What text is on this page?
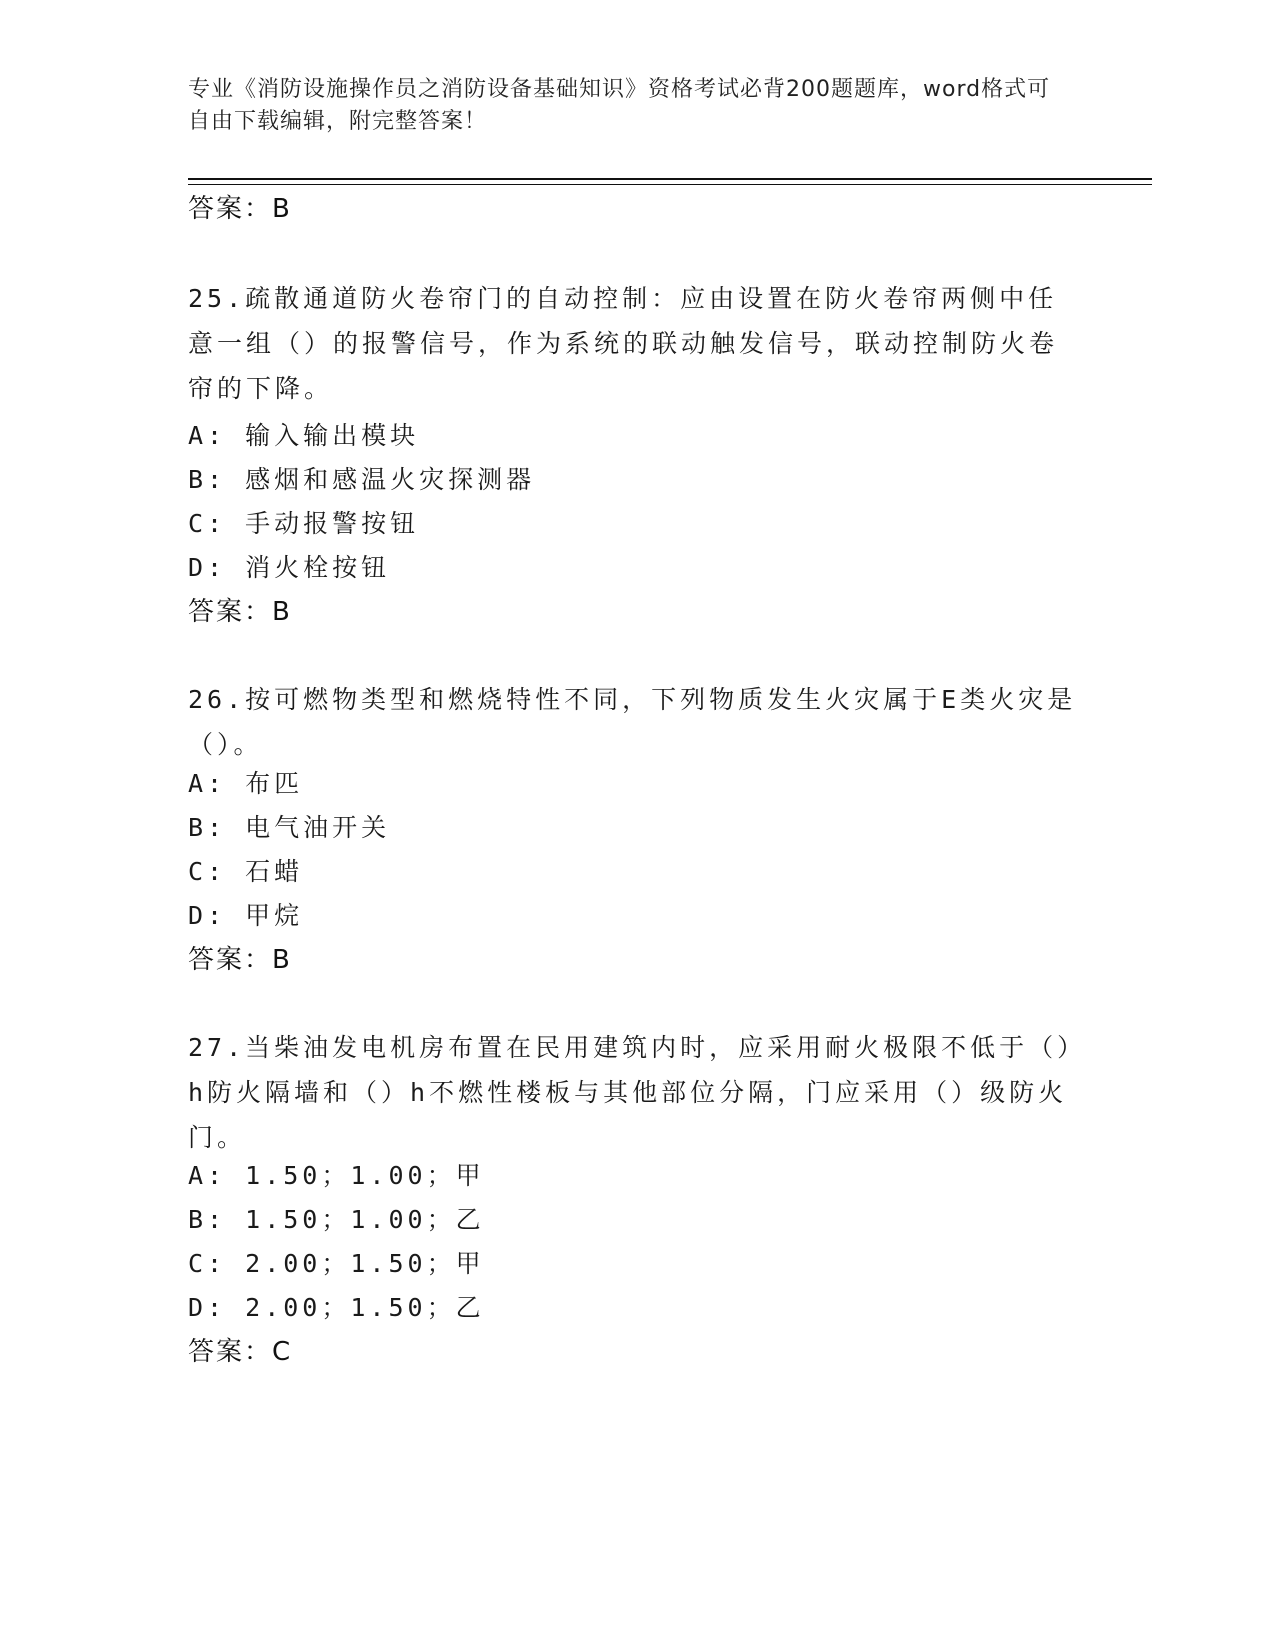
专业《消防设施操作员之消防设备基础知识》资格考试必背200题题库，word格式可自由下载编辑，附完整答案！
答案：B
25.疏散通道防火卷帘门的自动控制：应由设置在防火卷帘两侧中任意一组（）的报警信号，作为系统的联动触发信号，联动控制防火卷帘的下降。
A: 输入输出模块
B: 感烟和感温火灾探测器
C: 手动报警按钮
D: 消火栓按钮
答案：B
26.按可燃物类型和燃烧特性不同，下列物质发生火灾属于E类火灾是（）。
A: 布匹
B: 电气油开关
C: 石蜡
D: 甲烷
答案：B
27.当柴油发电机房布置在民用建筑内时，应采用耐火极限不低于（）h防火隔墙和（）h不燃性楼板与其他部位分隔，门应采用（）级防火门。
A: 1.50；1.00；甲
B: 1.50；1.00；乙
C: 2.00；1.50；甲
D: 2.00；1.50；乙
答案：C
